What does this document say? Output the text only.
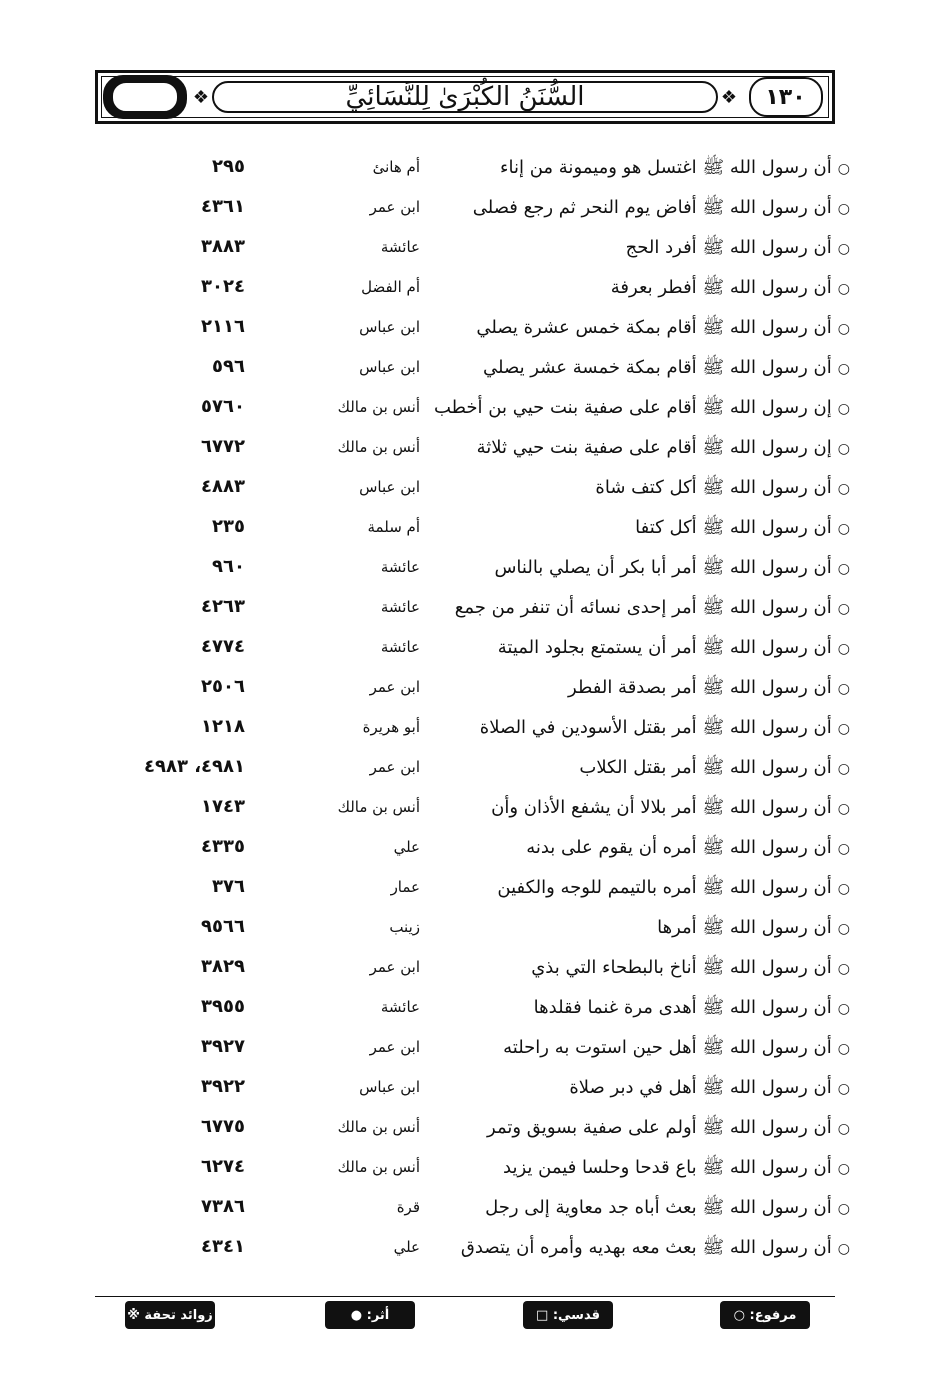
❖	السُّنَنُ الكُبْرَىٰ لِلنَّسَائِيِّ	❖	١٣٠
○أن رسول الله ﷺ اغتسل هو وميمونة من إناء
أم هانئ
٢٩٥
○أن رسول الله ﷺ أفاض يوم النحر ثم رجع فصلى
ابن عمر
٤٣٦١
○أن رسول الله ﷺ أفرد الحج
عائشة
٣٨٨٣
○أن رسول الله ﷺ أفطر بعرفة
أم الفضل
٣٠٢٤
○أن رسول الله ﷺ أقام بمكة خمس عشرة يصلي
ابن عباس
٢١١٦
○أن رسول الله ﷺ أقام بمكة خمسة عشر يصلي
ابن عباس
٥٩٦
○إن رسول الله ﷺ أقام على صفية بنت حيي بن أخطب
أنس بن مالك
٥٧٦٠
○إن رسول الله ﷺ أقام على صفية بنت حيي ثلاثة
أنس بن مالك
٦٧٧٢
○أن رسول الله ﷺ أكل كتف شاة
ابن عباس
٤٨٨٣
○أن رسول الله ﷺ أكل كتفا
أم سلمة
٢٣٥
○أن رسول الله ﷺ أمر أبا بكر أن يصلي بالناس
عائشة
٩٦٠
○أن رسول الله ﷺ أمر إحدى نسائه أن تنفر من جمع
عائشة
٤٢٦٣
○أن رسول الله ﷺ أمر أن يستمتع بجلود الميتة
عائشة
٤٧٧٤
○أن رسول الله ﷺ أمر بصدقة الفطر
ابن عمر
٢٥٠٦
○أن رسول الله ﷺ أمر بقتل الأسودين في الصلاة
أبو هريرة
١٢١٨
○أن رسول الله ﷺ أمر بقتل الكلاب
ابن عمر
٤٩٨١، ٤٩٨٣
○أن رسول الله ﷺ أمر بلالا أن يشفع الأذان وأن
أنس بن مالك
١٧٤٣
○أن رسول الله ﷺ أمره أن يقوم على بدنه
علي
٤٣٣٥
○أن رسول الله ﷺ أمره بالتيمم للوجه والكفين
عمار
٣٧٦
○أن رسول الله ﷺ أمرها
زينب
٩٥٦٦
○أن رسول الله ﷺ أناخ بالبطحاء التي بذي
ابن عمر
٣٨٢٩
○أن رسول الله ﷺ أهدى مرة غنما فقلدها
عائشة
٣٩٥٥
○أن رسول الله ﷺ أهل حين استوت به راحلته
ابن عمر
٣٩٢٧
○أن رسول الله ﷺ أهل في دبر صلاة
ابن عباس
٣٩٢٢
○أن رسول الله ﷺ أولم على صفية بسويق وتمر
أنس بن مالك
٦٧٧٥
○أن رسول الله ﷺ باع قدحا وحلسا فيمن يزيد
أنس بن مالك
٦٢٧٤
○أن رسول الله ﷺ بعث أباه جد معاوية إلى رجل
قرة
٧٣٨٦
○أن رسول الله ﷺ بعث معه بهديه وأمره أن يتصدق
علي
٤٣٤١
مرفوع: ○
قدسي: □
أثر: ●
زوائد تحفة ※
